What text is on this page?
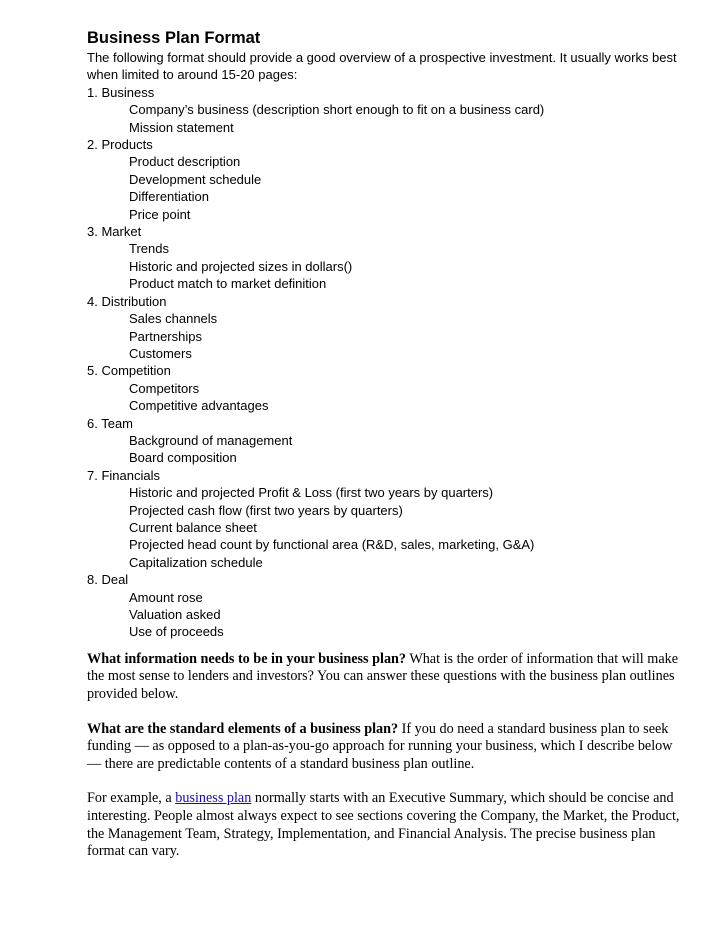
Business Plan Format

The following format should provide a good overview of a prospective investment. It usually works best when limited to around 15-20 pages:

1. Business

Company’s business (description short enough to fit on a business card)

Mission statement

2. Products

Product description

Development schedule

Differentiation

Price point

3. Market

Trends

Historic and projected sizes in dollars()

Product match to market definition

4. Distribution

Sales channels

Partnerships

Customers

5. Competition

Competitors

Competitive advantages

6. Team

Background of management

Board composition

7. Financials

Historic and projected Profit & Loss (first two years by quarters)

Projected cash flow (first two years by quarters)

Current balance sheet

Projected head count by functional area (R&D, sales, marketing, G&A)

Capitalization schedule

8. Deal

Amount rose

Valuation asked

Use of proceeds

What information needs to be in your business plan? What is the order of information that will make the most sense to lenders and investors? You can answer these questions with the business plan outlines provided below.

What are the standard elements of a business plan? If you do need a standard business plan to seek funding — as opposed to a plan-as-you-go approach for running your business, which I describe below — there are predictable contents of a standard business plan outline.

For example, a business plan normally starts with an Executive Summary, which should be concise and interesting. People almost always expect to see sections covering the Company, the Market, the Product, the Management Team, Strategy, Implementation, and Financial Analysis. The precise business plan format can vary.
